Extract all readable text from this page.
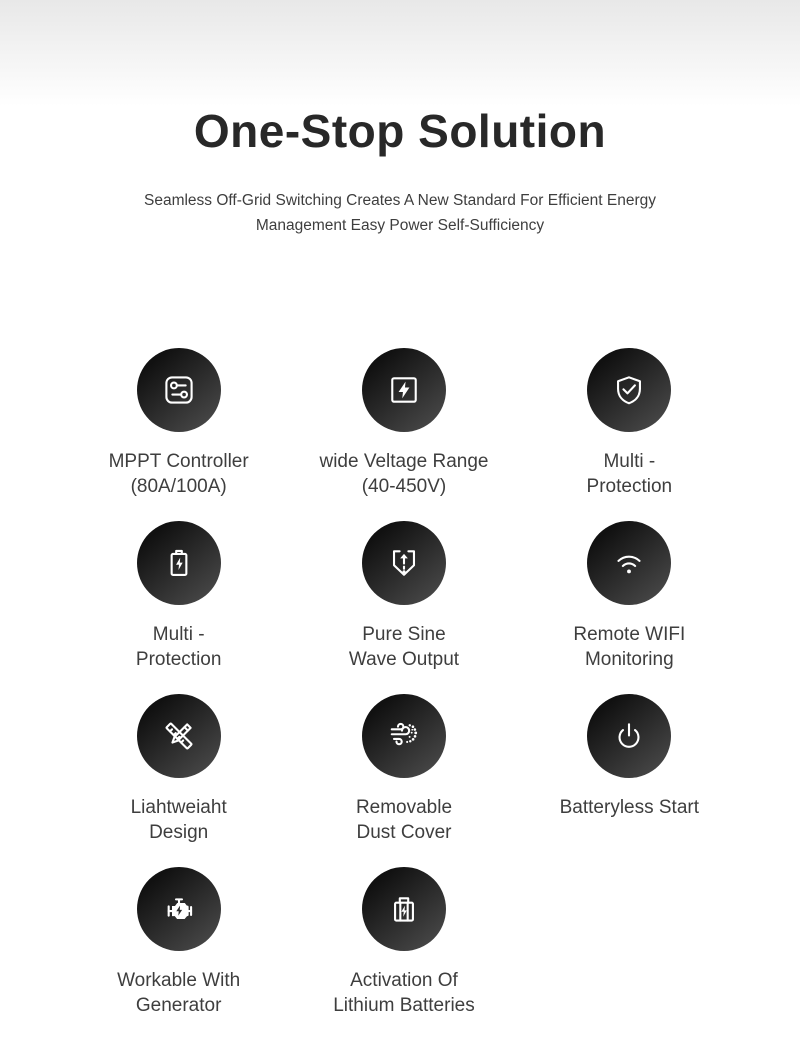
One-Stop Solution
Seamless Off-Grid Switching Creates A New Standard For Efficient Energy
Management Easy Power Self-Sufficiency
MPPT Controller
(80A/100A)
wide Veltage Range
(40-450V)
Multi -
Protection
Multi -
Protection
Pure Sine
Wave Output
Remote WIFI
Monitoring
Liahtweiaht
Design
Removable
Dust Cover
Batteryless Start
Workable With
Generator
Activation Of
Lithium Batteries
